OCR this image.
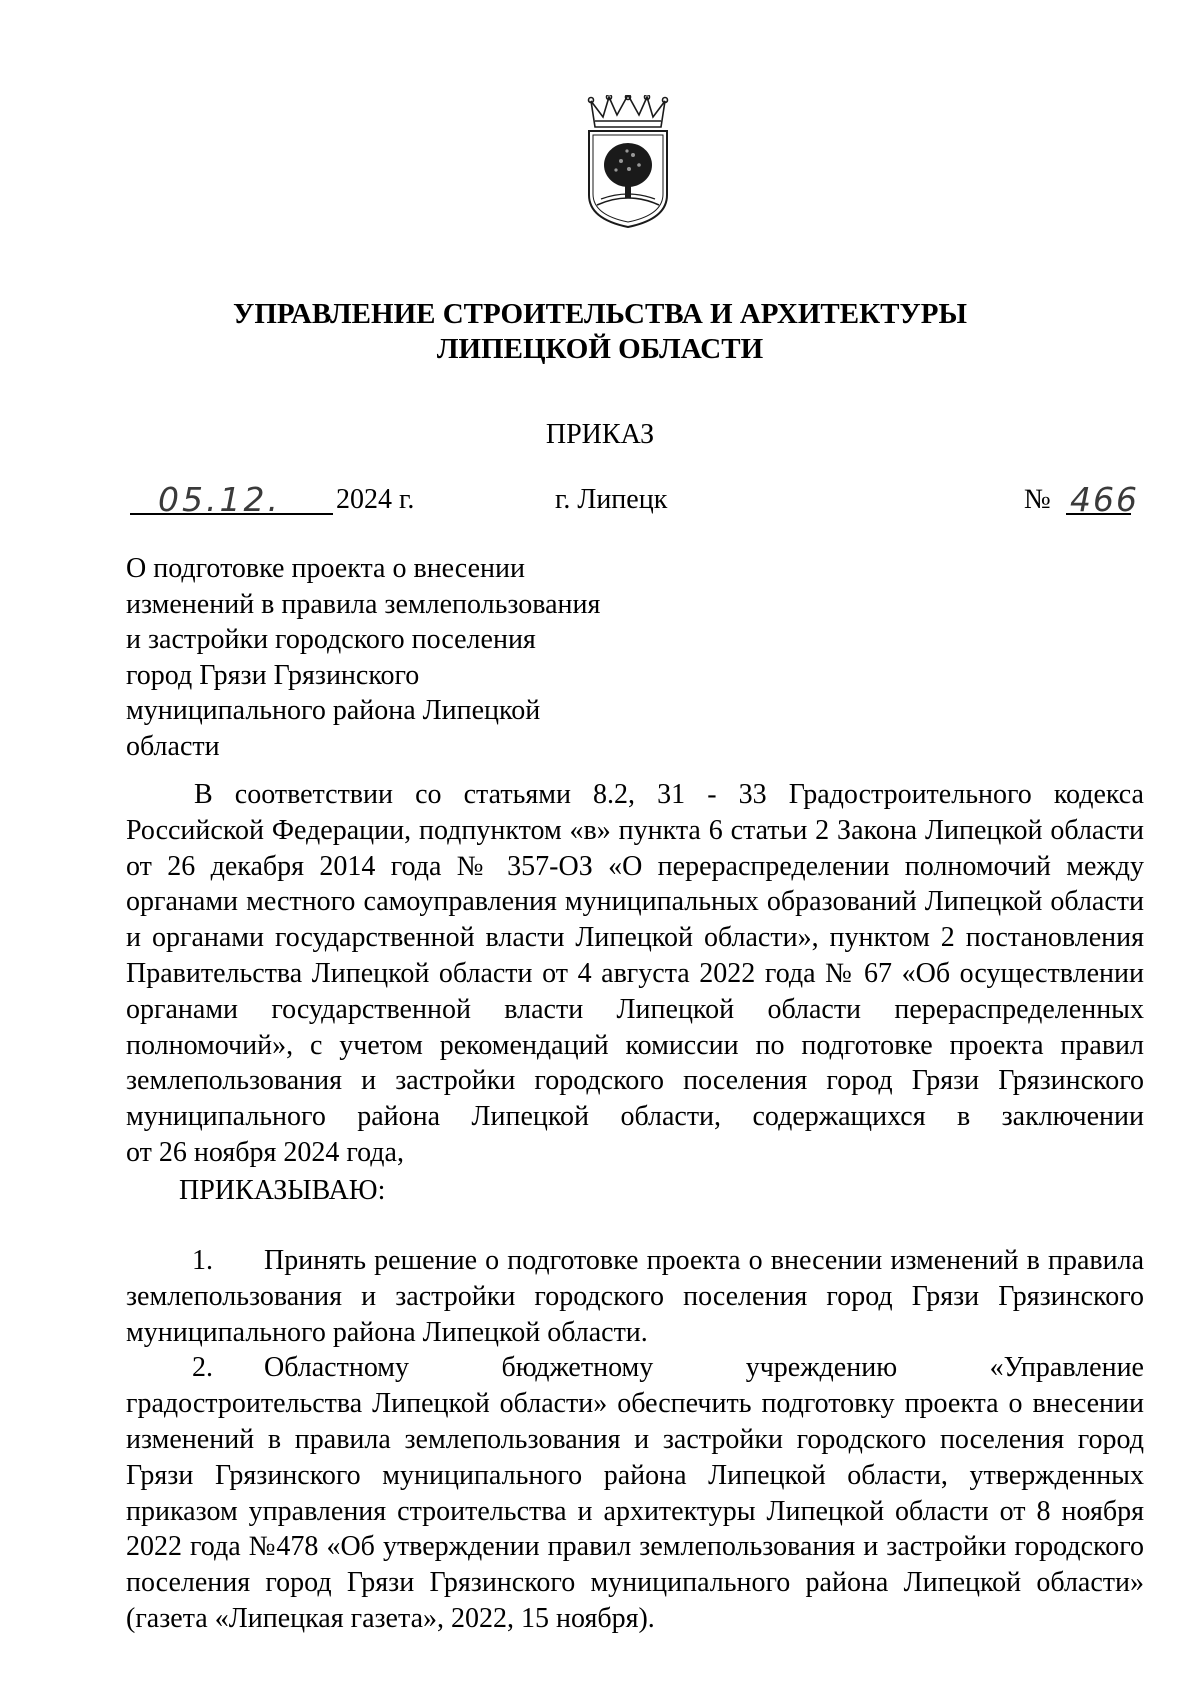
УПРАВЛЕНИЕ СТРОИТЕЛЬСТВА И АРХИТЕКТУРЫ
ЛИПЕЦКОЙ ОБЛАСТИ
ПРИКАЗ
05.12. 2024 г.	г. Липецк	№ 466
О подготовке проекта о внесении
изменений в правила землепользования
и застройки городского поселения
город Грязи Грязинского
муниципального района Липецкой
области
В соответствии со статьями 8.2, 31 - 33 Градостроительного кодекса
Российской Федерации, подпунктом «в» пункта 6 статьи 2 Закона Липецкой области
от 26 декабря 2014 года № 357-ОЗ «О перераспределении полномочий между
органами местного самоуправления муниципальных образований Липецкой области
и органами государственной власти Липецкой области», пунктом 2 постановления
Правительства Липецкой области от 4 августа 2022 года № 67 «Об осуществлении
органами государственной власти Липецкой области перераспределенных
полномочий», с учетом рекомендаций комиссии по подготовке проекта правил
землепользования и застройки городского поселения город Грязи Грязинского
муниципального района Липецкой области, содержащихся в заключении
от 26 ноября 2024 года,
ПРИКАЗЫВАЮ:
1.	Принять решение о подготовке проекта о внесении изменений в правила
землепользования и застройки городского поселения город Грязи Грязинского
муниципального района Липецкой области.
2.	Областному бюджетному учреждению «Управление
градостроительства Липецкой области» обеспечить подготовку проекта о внесении
изменений в правила землепользования и застройки городского поселения город
Грязи Грязинского муниципального района Липецкой области, утвержденных
приказом управления строительства и архитектуры Липецкой области от 8 ноября
2022 года №478 «Об утверждении правил землепользования и застройки городского
поселения город Грязи Грязинского муниципального района Липецкой области»
(газета «Липецкая газета», 2022, 15 ноября).
